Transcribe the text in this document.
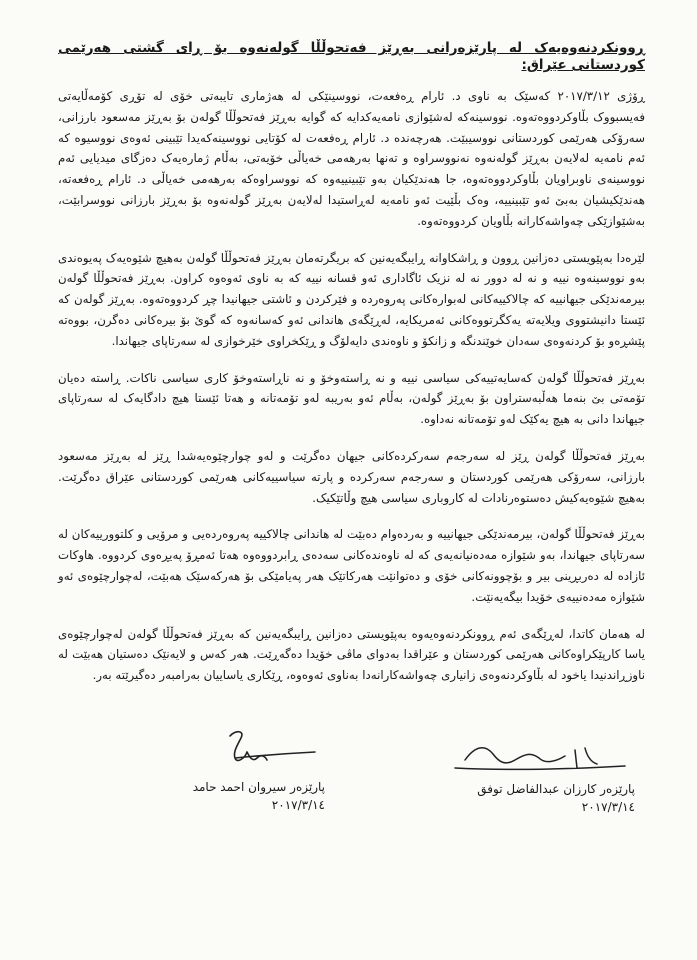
ڕوونکردنەوەیەک لە پارێزەرانی بەڕێز فەتحوڵڵا گولەنەوە بۆ ڕای گشتی هەرێمی کوردستانی عێراق:

ڕۆژی ٢٠١٧/٣/١٢ کەسێک بە ناوی د. ئارام ڕەفعەت، نووسینێکی لە هەژماری تایبەتی خۆی لە تۆڕی کۆمەڵایەتی فەیسبووک بڵاوکردووەتەوە. نووسینەکە لەشێوازی نامەیەکدایە کە گوایە بەڕێز فەتحوڵڵا گولەن بۆ بەڕێز مەسعود بارزانی، سەرۆکی هەرێمی کوردستانی نووسیبێت. هەرچەندە د. ئارام ڕەفعەت لە کۆتایی نووسینەکەیدا تێبینی ئەوەی نووسیوە کە ئەم نامەیە لەلایەن بەڕێز گولەنەوە نەنووسراوە و تەنها بەرهەمی خەیاڵی خۆیەتی، بەڵام ژمارەیەک دەزگای میدیایی ئەم نووسینەی ناوبراویان بڵاوکردووەتەوە، جا هەندێکیان بەو تێبینییەوە کە نووسراوەکە بەرهەمی خەیاڵی د. ئارام ڕەفعەتە، هەندێکیشیان بەبێ ئەو تێبینییە، وەک بڵێیت ئەو نامەیە لەڕاستیدا لەلایەن بەڕێز گولەنەوە بۆ بەڕێز بارزانی نووسرابێت، بەشێوازێکی چەواشەکارانە بڵاویان کردووەتەوە.

لێرەدا بەپێویستی دەزانین ڕوون و ڕاشکاوانە ڕایبگەیەنین کە بریگرتەمان بەڕێز فەتحوڵڵا گولەن بەهیچ شێوەیەک پەیوەندی بەو نووسینەوە نییە و نە لە دوور نە لە نزیک ئاگاداری ئەو قسانە نییە کە بە ناوی ئەوەوە کراون. بەڕێز فەتحوڵڵا گولەن بیرمەندێکی جیهانییە کە چالاکییەکانی لەبوارەکانی پەروەردە و فێرکردن و ئاشتی جیهانیدا چڕ کردووەتەوە. بەڕێز گولەن کە ئێستا دانیشتووی ویلایەتە یەکگرتووەکانی ئەمریکایە، لەڕێگەی هاندانی ئەو کەسانەوە کە گوێ بۆ بیرەکانی دەگرن، بووەتە پێشڕەو بۆ کردنەوەی سەدان خوێندنگە و زانکۆ و ناوەندی دایەلۆگ و ڕێکخراوی خێرخوازی لە سەرتاپای جیهاندا.

بەڕێز فەتحوڵڵا گولەن کەسایەتییەکی سیاسی نییە و نە ڕاستەوخۆ و نە ناڕاستەوخۆ کاری سیاسی ناکات. ڕاستە دەیان تۆمەتی بێ بنەما هەڵبەستراون بۆ بەڕێز گولەن، بەڵام ئەو بەریبە لەو تۆمەتانە و هەتا ئێستا هیچ دادگایەک لە سەرتاپای جیهاندا دانی بە هیچ یەکێک لەو تۆمەتانە نەداوە.

بەڕێز فەتحوڵڵا گولەن ڕێز لە سەرجەم سەرکردەکانی جیهان دەگرێت و لەو چوارچێوەیەشدا ڕێز لە بەڕێز مەسعود بارزانی، سەرۆکی هەرێمی کوردستان و سەرجەم سەرکردە و پارتە سیاسییەکانی هەرێمی کوردستانی عێراق دەگرێت. بەهیچ شێوەیەکیش دەستوەرنادات لە کاروباری سیاسی هیچ وڵاتێکیک.

بەڕێز فەتحوڵڵا گولەن، بیرمەندێکی جیهانییە و بەردەوام دەبێت لە هاندانی چالاکییە پەروەردەیی و مرۆیی و کلتوورییەکان لە سەرتاپای جیهاندا، بەو شێوازە مەدەنیانەیەی کە لە ناوەندەکانی سەدەی ڕابردووەوە هەتا ئەمڕۆ پەیڕەوی کردووە. هاوکات ئازادە لە دەربڕینی بیر و بۆچوونەکانی خۆی و دەتوانێت هەرکاتێک هەر پەیامێکی بۆ هەرکەسێک هەبێت، لەچوارچێوەی ئەو شێوازە مەدەنییەی خۆیدا بیگەیەنێت.

لە هەمان کاتدا، لەڕێگەی ئەم ڕوونکردنەوەیەوە بەپێویستی دەزانین ڕایبگەیەنین کە بەڕێز فەتحوڵڵا گولەن لەچوارچێوەی یاسا کارپێکراوەکانی هەرێمی کوردستان و عێراقدا بەدوای ماڤی خۆیدا دەگەڕێت. هەر کەس و لایەنێک دەستیان هەبێت لە ناوزڕاندنیدا یاخود لە بڵاوکردنەوەی زانیاری چەواشەکارانەدا بەناوی ئەوەوە، ڕێکاری یاساییان بەرامبەر دەگیرێتە بەر.

پارێزەر سیروان احمد حامد
٢٠١٧/٣/١٤
پارێزەر کارزان عبدالفاضل توفق
٢٠١٧/٣/١٤
